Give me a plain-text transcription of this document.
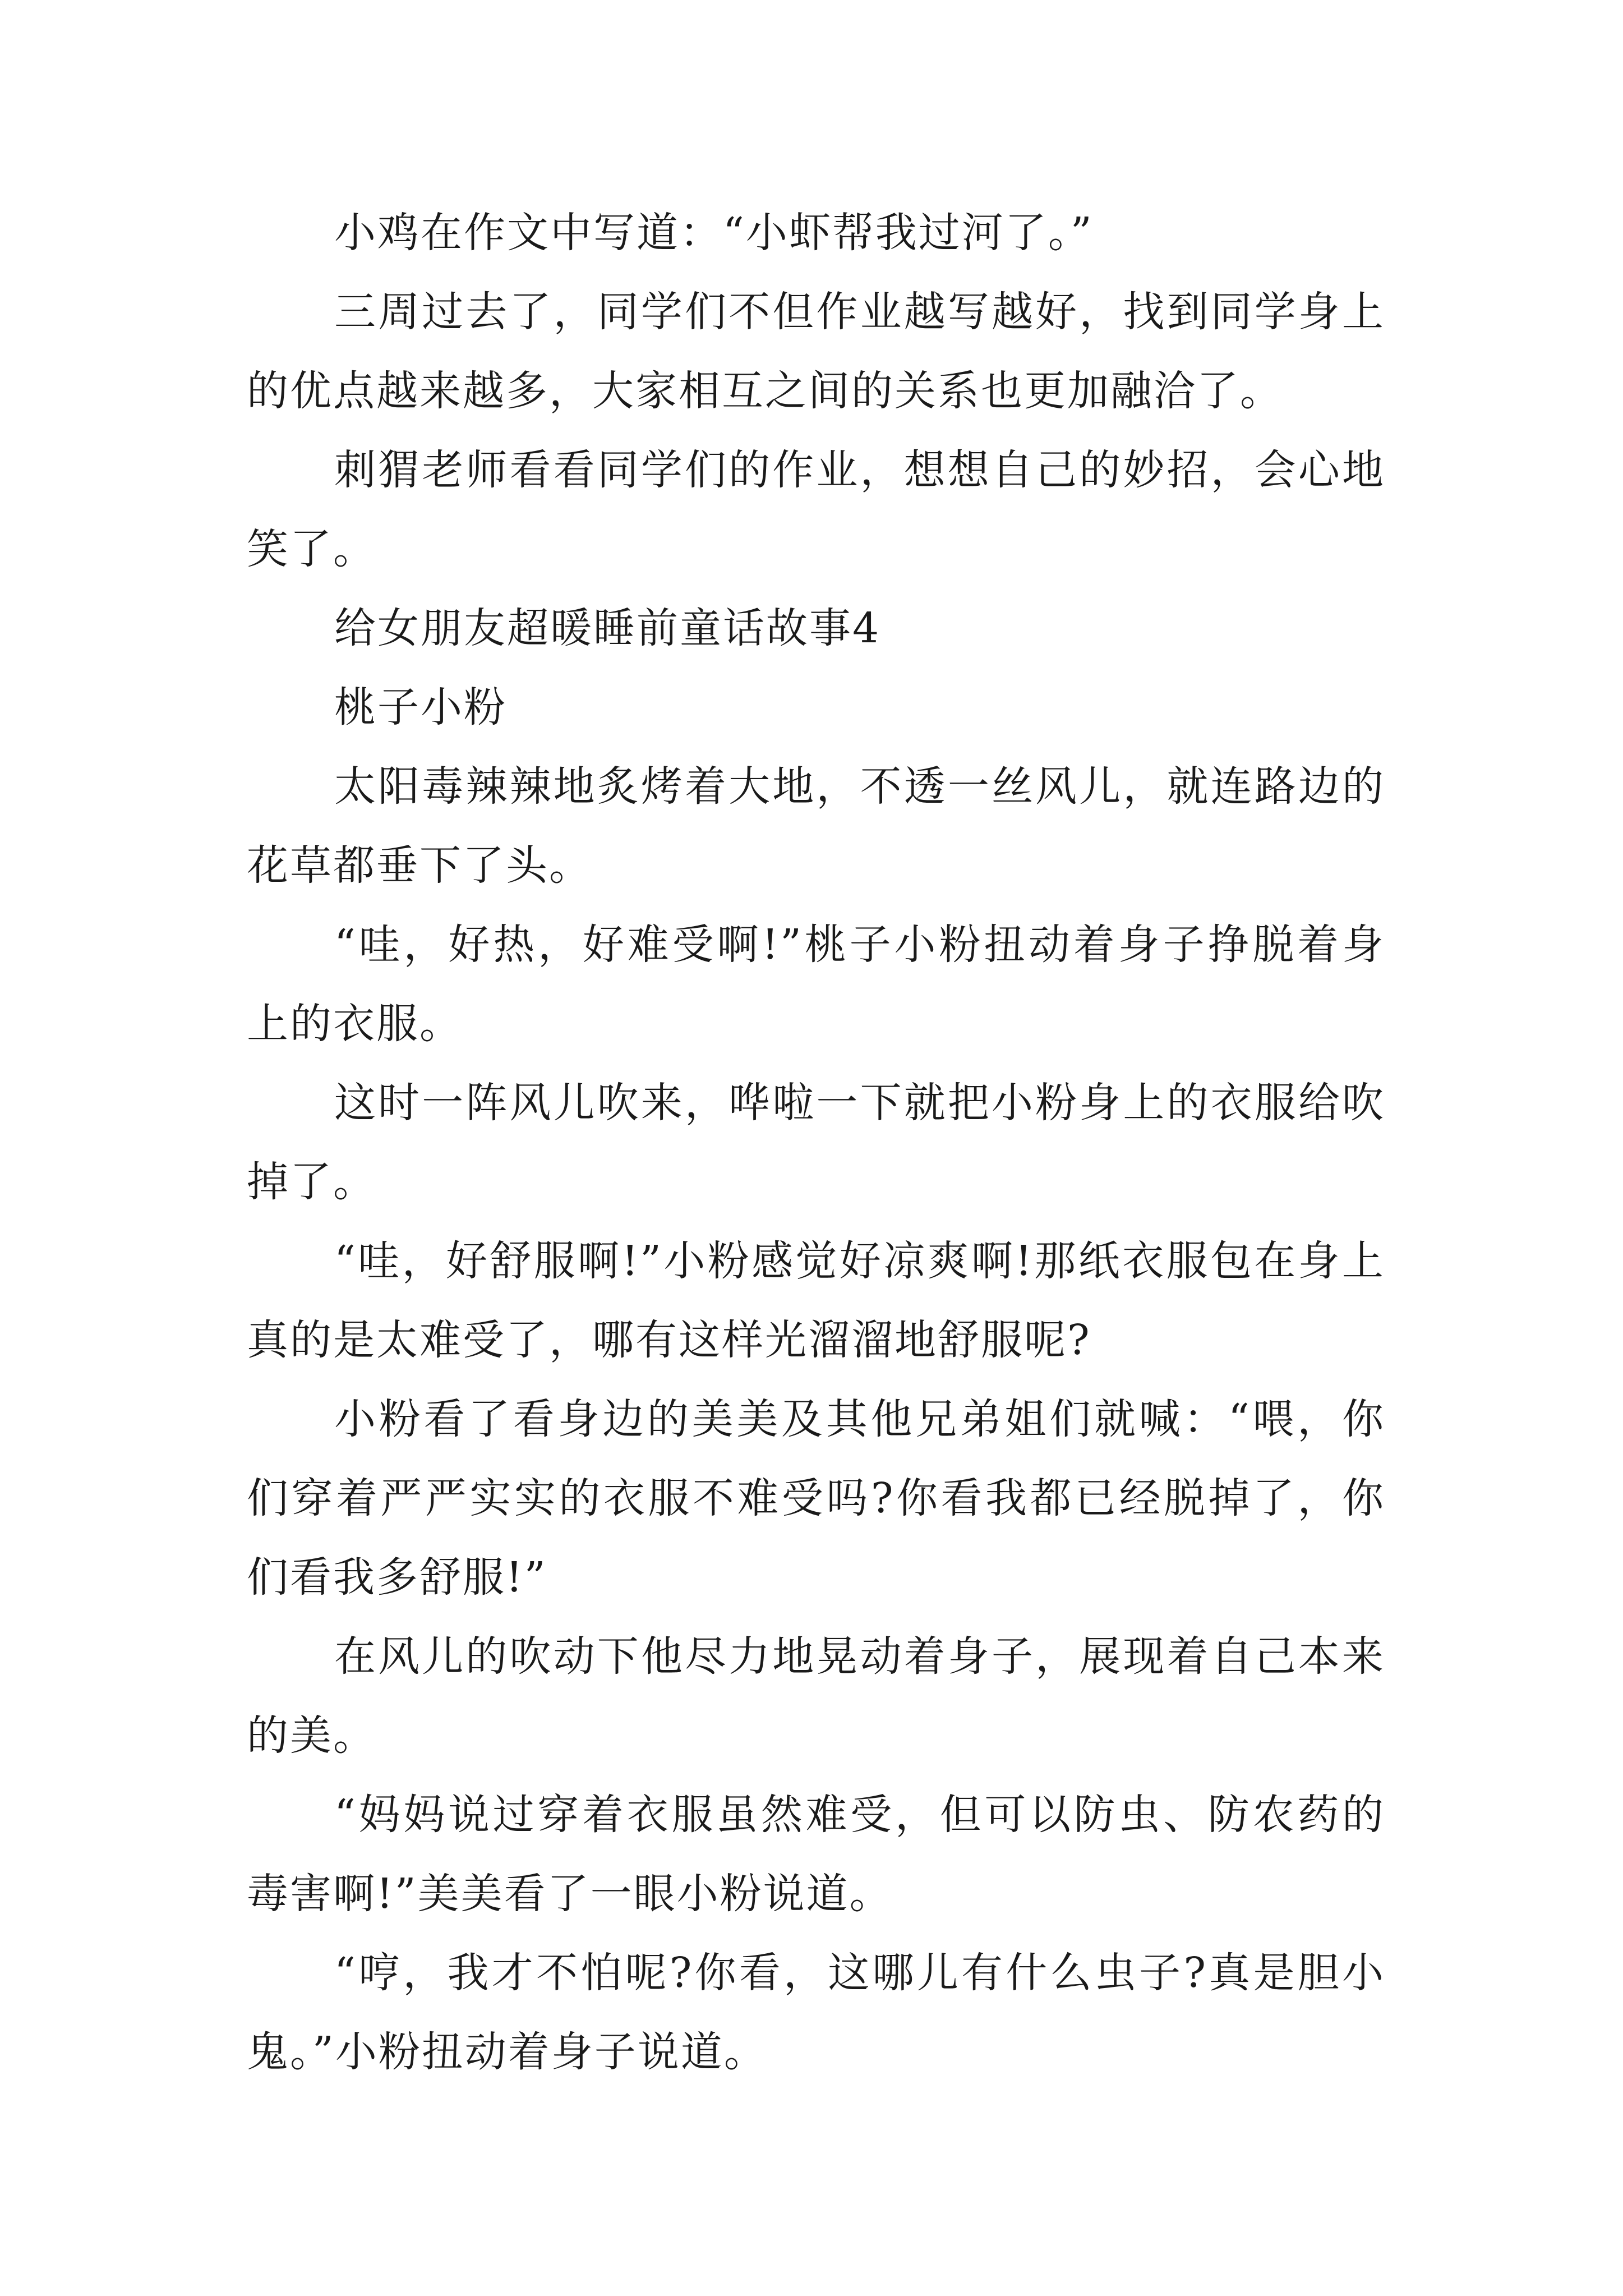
小鸡在作文中写道：“小虾帮我过河了。”

三周过去了，同学们不但作业越写越好，找到同学身上的优点越来越多，大家相互之间的关系也更加融洽了。

刺猬老师看看同学们的作业，想想自己的妙招，会心地笑了。

给女朋友超暖睡前童话故事4

桃子小粉

太阳毒辣辣地炙烤着大地，不透一丝风儿，就连路边的花草都垂下了头。

“哇，好热，好难受啊!”桃子小粉扭动着身子挣脱着身上的衣服。

这时一阵风儿吹来，哗啦一下就把小粉身上的衣服给吹掉了。

“哇，好舒服啊!”小粉感觉好凉爽啊!那纸衣服包在身上真的是太难受了，哪有这样光溜溜地舒服呢?

小粉看了看身边的美美及其他兄弟姐们就喊：“喂，你们穿着严严实实的衣服不难受吗?你看我都已经脱掉了，你们看我多舒服!”

在风儿的吹动下他尽力地晃动着身子，展现着自己本来的美。

“妈妈说过穿着衣服虽然难受，但可以防虫、防农药的毒害啊!”美美看了一眼小粉说道。

“哼，我才不怕呢?你看，这哪儿有什么虫子?真是胆小鬼。”小粉扭动着身子说道。
